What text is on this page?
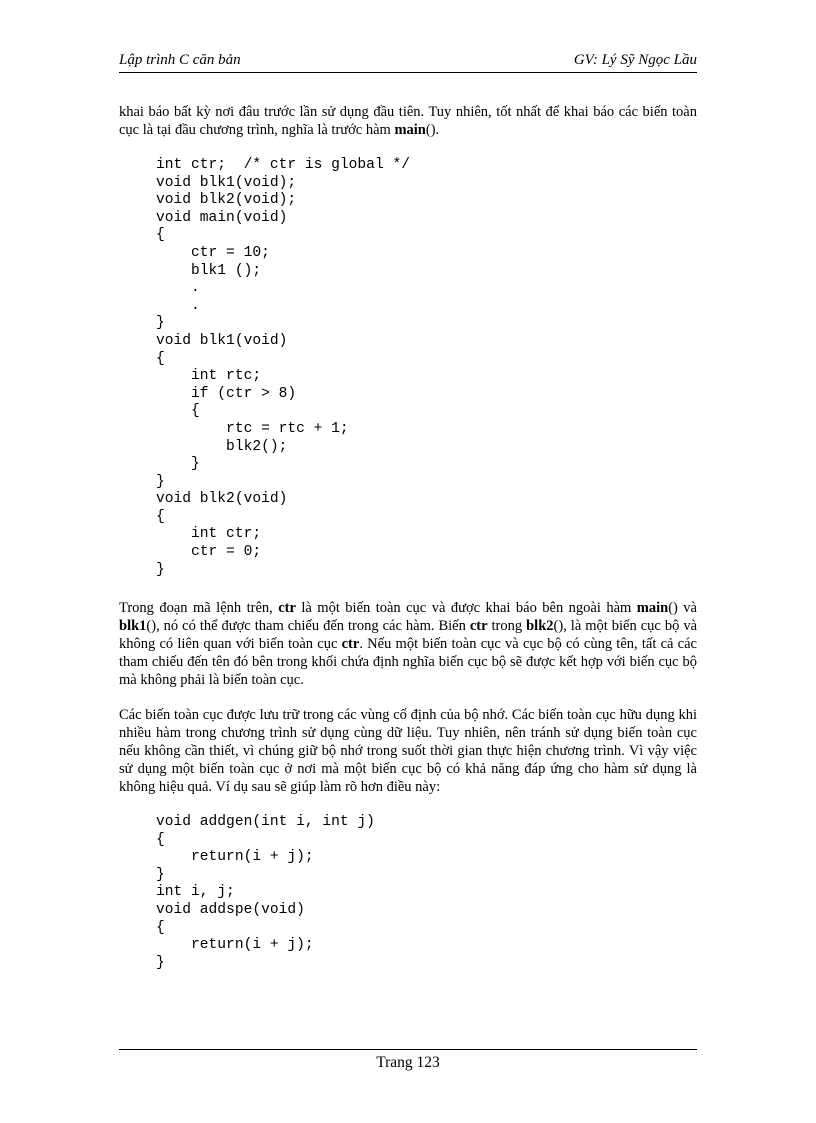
Lập trình C căn bản	GV: Lý Sỹ Ngọc Lầu

khai báo bất kỳ nơi đâu trước lần sử dụng đầu tiên. Tuy nhiên, tốt nhất để khai báo các biến toàn cục là tại đầu chương trình, nghĩa là trước hàm main().

int ctr;  /* ctr is global */
void blk1(void);
void blk2(void);
void main(void)
{
ctr = 10;
blk1 ();
.
.
}
void blk1(void)
{
int rtc;
if (ctr > 8)
{
rtc = rtc + 1;
blk2();
}
}
void blk2(void)
{
int ctr;
ctr = 0;
}

Trong đoạn mã lệnh trên, ctr là một biến toàn cục và được khai báo bên ngoài hàm main() và blk1(), nó có thể được tham chiếu đến trong các hàm. Biến ctr trong blk2(), là một biến cục bộ và không có liên quan với biến toàn cục ctr. Nếu một biến toàn cục và cục bộ có cùng tên, tất cả các tham chiếu đến tên đó bên trong khối chứa định nghĩa biến cục bộ sẽ được kết hợp với biến cục bộ mà không phải là biến toàn cục.

Các biến toàn cục được lưu trữ trong các vùng cố định của bộ nhớ. Các biến toàn cục hữu dụng khi nhiều hàm trong chương trình sử dụng cùng dữ liệu. Tuy nhiên, nên tránh sử dụng biến toàn cục nếu không cần thiết, vì chúng giữ bộ nhớ trong suốt thời gian thực hiện chương trình. Vì vậy việc sử dụng một biến toàn cục ở nơi mà một biến cục bộ có khả năng đáp ứng cho hàm sử dụng là không hiệu quả. Ví dụ sau sẽ giúp làm rõ hơn điều này:

void addgen(int i, int j)
{
return(i + j);
}
int i, j;
void addspe(void)
{
return(i + j);
}
Trang 123
